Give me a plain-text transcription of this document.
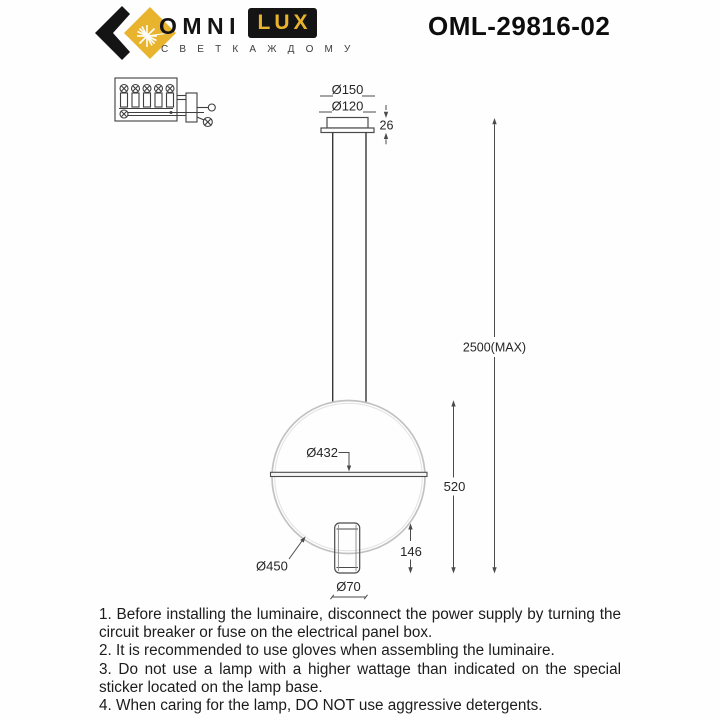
OMNI LUX
С В Е Т К А Ж Д О М У
OML-29816-02
Ø150
Ø120
26
Ø432
Ø450
Ø70
146
520
2500(MAX)

1. Before installing the luminaire, disconnect the power supply by turning the circuit breaker or fuse on the electrical panel box.

2. It is recommended to use gloves when assembling the luminaire.

3. Do not use a lamp with a higher wattage than indicated on the special sticker located on the lamp base.

4. When caring for the lamp, DO NOT use aggressive detergents.
